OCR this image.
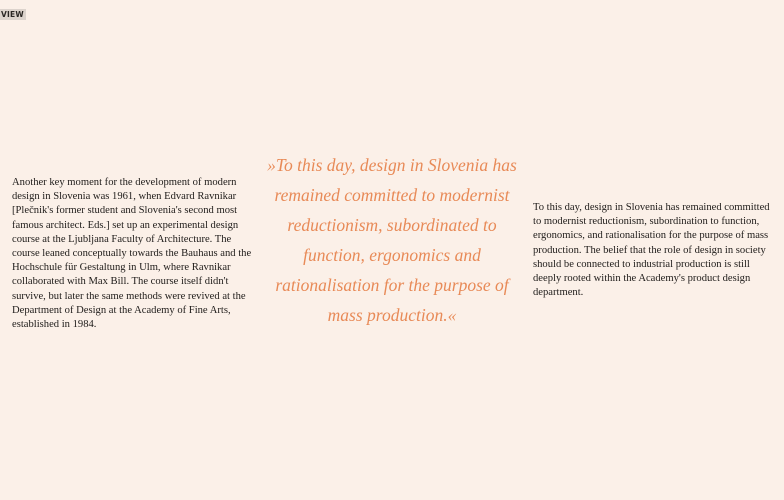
VIEW

Another key moment for the development of modern design in Slovenia was 1961, when Edvard Ravnikar [Plečnik's former student and Slovenia's second most famous architect. Eds.] set up an experimental design course at the Ljubljana Faculty of Architecture. The course leaned conceptually towards the Bauhaus and the Hochschule für Gestaltung in Ulm, where Ravnikar collaborated with Max Bill. The course itself didn't survive, but later the same methods were revived at the Department of Design at the Academy of Fine Arts, established in 1984.

»To this day, design in Slovenia has remained committed to modernist reductionism, subordinated to function, ergonomics and rationalisation for the purpose of mass production.«

To this day, design in Slovenia has remained committed to modernist reductionism, subordination to function, ergonomics, and rationalisation for the purpose of mass production. The belief that the role of design in society should be connected to industrial production is still deeply rooted within the Academy's product design department.
